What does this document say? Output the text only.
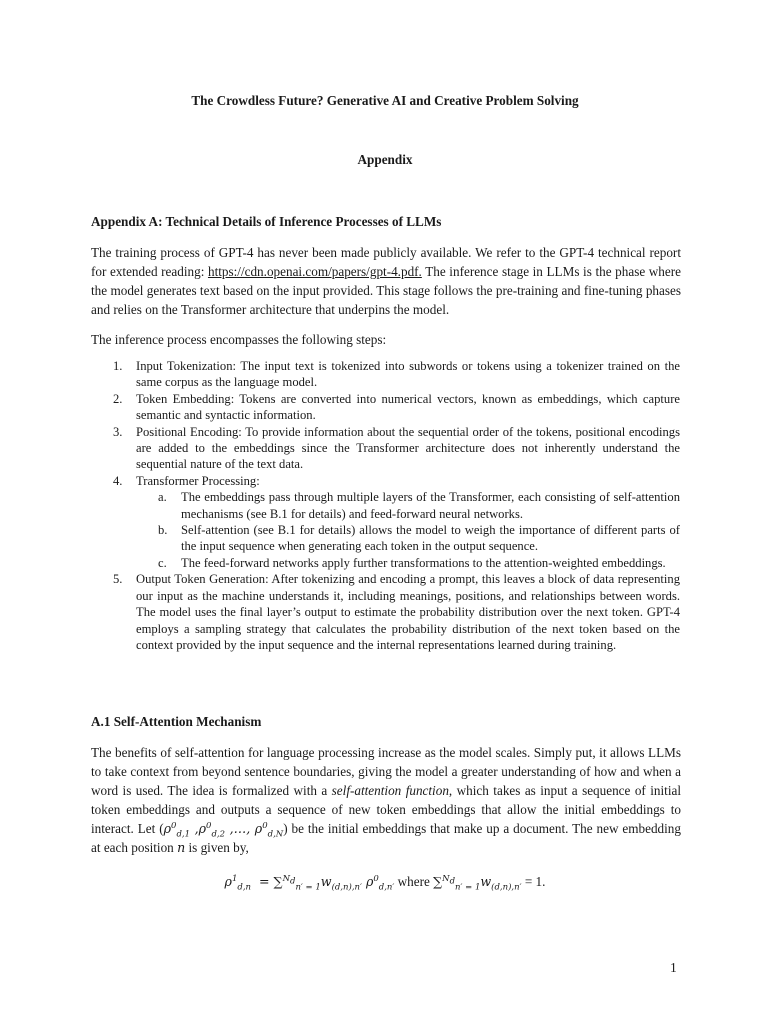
The Crowdless Future? Generative AI and Creative Problem Solving
Appendix
Appendix A: Technical Details of Inference Processes of LLMs
The training process of GPT-4 has never been made publicly available. We refer to the GPT-4 technical report for extended reading: https://cdn.openai.com/papers/gpt-4.pdf. The inference stage in LLMs is the phase where the model generates text based on the input provided. This stage follows the pre-training and fine-tuning phases and relies on the Transformer architecture that underpins the model.
The inference process encompasses the following steps:
1. Input Tokenization: The input text is tokenized into subwords or tokens using a tokenizer trained on the same corpus as the language model.
2. Token Embedding: Tokens are converted into numerical vectors, known as embeddings, which capture semantic and syntactic information.
3. Positional Encoding: To provide information about the sequential order of the tokens, positional encodings are added to the embeddings since the Transformer architecture does not inherently understand the sequential nature of the text data.
4. Transformer Processing:
a. The embeddings pass through multiple layers of the Transformer, each consisting of self-attention mechanisms (see B.1 for details) and feed-forward neural networks.
b. Self-attention (see B.1 for details) allows the model to weigh the importance of different parts of the input sequence when generating each token in the output sequence.
c. The feed-forward networks apply further transformations to the attention-weighted embeddings.
5. Output Token Generation: After tokenizing and encoding a prompt, this leaves a block of data representing our input as the machine understands it, including meanings, positions, and relationships between words. The model uses the final layer’s output to estimate the probability distribution over the next token. GPT-4 employs a sampling strategy that calculates the probability distribution of the next token based on the context provided by the input sequence and the internal representations learned during training.
A.1 Self-Attention Mechanism
The benefits of self-attention for language processing increase as the model scales. Simply put, it allows LLMs to take context from beyond sentence boundaries, giving the model a greater understanding of how and when a word is used. The idea is formalized with a self-attention function, which takes as input a sequence of initial token embeddings and outputs a sequence of new token embeddings that allow the initial embeddings to interact. Let ($\rho^0_{d,1}$ $,\rho^0_{d,2}$ ,…, $\rho^0_{d,N}$) be the initial embeddings that make up a document. The new embedding at each position n is given by,
$\rho^1_{d,n} = \sum^{N_d}_{n' = 1}w_{(d,n),n'}$ $\rho^0_{d,n'}$ where $\sum^{N_d}_{n' = 1}w_{(d,n),n'} = 1$.
1
